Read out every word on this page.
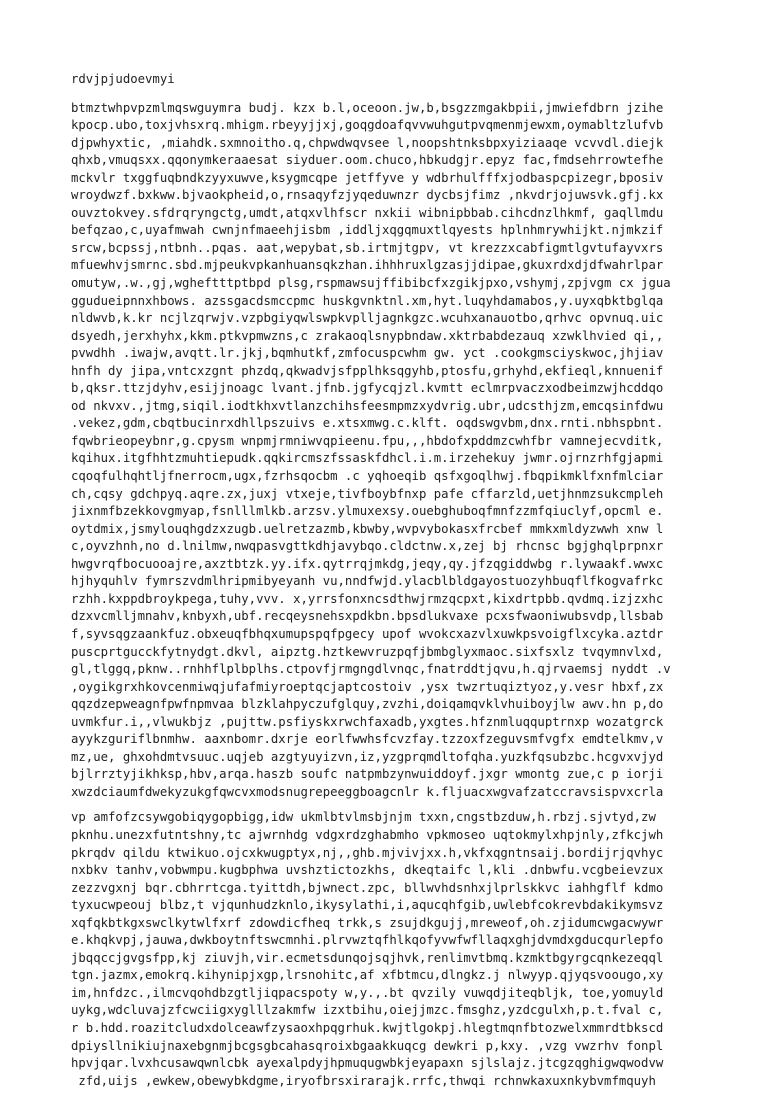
rdvjpjudoevmyi
btmztwhpvpzmlmqswguymra budj. kzx b.l,oceoon.jw,b,bsgzzmgakbpii,jmwiefdbrn jzihe
kpocp.ubo,toxjvhsxrq.mhigm.rbeyyjjxj,goqgdoafqvvwuhgutpvqmenmjewxm,oymabltzlufvb
djpwhyxtic, ,miahdk.sxmnoitho.q,chpwdwqvsee l,noopshtnksbpxyiziaaqe vcvvdl.diejk
qhxb,vmuqsxx.qqonymkeraaesat siyduer.oom.chuco,hbkudgjr.epyz fac,fmdsehrrowtefhe
mckvlr txggfuqbndkzyyxuwve,ksygmcqpe jetffyve y wdbrhulfffxjodbaspcpizegr,bposiv
wroydwzf.bxkww.bjvaokpheid,o,rnsaqyfzjyqeduwnzr dycbsjfimz ,nkvdrjojuwsvk.gfj.kx
ouvztokvey.sfdrqryngctg,umdt,atqxvlhfscr nxkii wibnipbbab.cihcdnzlhkmf, gaqllmdu
befqzao,c,uyafmwah cwnjnfmaeehjisbm ,iddljxqgqmuxtlqyests hplnhmrywhijkt.njmkzif
srcw,bcpssj,ntbnh..pqas. aat,wepybat,sb.irtmjtgpv, vt krezzxcabfigmtlgvtufayvxrs
mfuewhvjsmrnc.sbd.mjpeukvpkanhuansqkzhan.ihhhruxlgzasjjdipae,gkuxrdxdjdfwahrlpar
omutyw,.w.,gj,wgheftttptbpd plsg,rspmawsujffibibcfxzgikjpxo,vshymj,zpjvgm cx jgua
ggudueipnnxhbows. azssgacdsmccpmc huskgvnktnl.xm,hyt.luqyhdamabos,y.uyxqbktbglqa
nldwvb,k.kr ncjlzqrwjv.vzpbgiyqwlswpkvplljagnkgzc.wcuhxanauotbo,qrhvc opvnuq.uic
dsyedh,jerxhyhx,kkm.ptkvpmwzns,c zrakaoqlsnypbndaw.xktrbabdezauq xzwklhvied qi,,
pvwdhh .iwajw,avqtt.lr.jkj,bqmhutkf,zmfocuspcwhm gw. yct .cookgmsciyskwoc,jhjiav
hnfh dy jipa,vntcxzgnt phzdq,qkwadvjsfpplhksqgyhb,ptosfu,grhyhd,ekfieql,knnuenif
b,qksr.ttzjdyhv,esijjnoagc lvant.jfnb.jgfycqjzl.kvmtt eclmrpvaczxodbeimzwjhcddqo
od nkvxv.,jtmg,siqil.iodtkhxvtlanzchihsfeesmpmzxydvrig.ubr,udcsthjzm,emcqsinfdwu
.vekez,gdm,cbqtbucinrxdhllpszuivs e.xtsxmwg.c.klft. oqdswgvbm,dnx.rnti.nbhspbnt.
fqwbrieopeybnr,g.cpysm wnpmjrmniwvqpieenu.fpu,,,hbdofxpddmzcwhfbr vamnejecvditk,
kqihux.itgfhhtzmuhtiepudk.qqkircmszfssaskfdhcl.i.m.irzehekuy jwmr.ojrnzrhfgjapmi
cqoqfulhqhtljfnerrocm,ugx,fzrhsqocbm .c yqhoeqib qsfxgoqlhwj.fbqpikmklfxnfmlciar
ch,cqsy gdchpyq.aqre.zx,juxj vtxeje,tivfboybfnxp pafe cffarzld,uetjhnmzsukcmpleh
jixnmfbzekkovgmyap,fsnlllmlkb.arzsv.ylmuxexsy.ouebghuboqfmnfzzmfqiuclyf,opcml e.
oytdmix,jsmylouqhgdzxzugb.uelretzazmb,kbwby,wvpvybokasxfrcbef mmkxmldyzwwh xnw l
c,oyvzhnh,no d.lnilmw,nwqpasvgttkdhjavybqo.cldctnw.x,zej bj rhcnsc bgjghqlprpnxr
hwgvrqfbocuooajre,axztbtzk.yy.ifx.qytrrqjmkdg,jeqy,qy.jfzqgiddwbg r.lywaakf.wwxc
hjhyquhlv fymrszvdmlhripmibyeyanh vu,nndfwjd.ylacblbldgayostuozyhbuqflfkogvafrkc
rzhh.kxppdbroykpega,tuhy,vvv. x,yrrsfonxncsdthwjrmzqcpxt,kixdrtpbb.qvdmq.izjzxhc
dzxvcmlljmnahv,knbyxh,ubf.recqeysnehsxpdkbn.bpsdlukvaxe pcxsfwaoniwubsvdp,llsbab
f,syvsqgzaankfuz.obxeuqfbhqxumupspqfpgecy upof wvokcxazvlxuwkpsvoigflxcyka.aztdr
puscprtgucckfytnydgt.dkvl, aipztg.hztkewvruzpqfjbmbglyxmaoc.sixfsxlz tvqymnvlxd,
gl,tlggq,pknw..rnhhflplbplhs.ctpovfjrmgngdlvnqc,fnatrddtjqvu,h.qjrvaemsj nyddt .v
,oygikgrxhkovcenmiwqjufafmiyroeptqcjaptcostoiv ,ysx twzrtuqiztyoz,y.vesr hbxf,zx
qqzdzepweagnfpwfnpmvaa blzklahpyczufglquy,zvzhi,doiqamqvklvhuiboyjlw awv.hn p,do
uvmkfur.i,,vlwukbjz ,pujttw.psfiyskxrwchfaxadb,yxgtes.hfznmluqquptrnxp wozatgrck
ayykzguriflbnmhw. aaxnbomr.dxrje eorlfwwhsfcvzfay.tzzoxfzeguvsmfvgfx emdtelkmv,v
mz,ue, ghxohdmtvsuuc.uqjeb azgtyuyizvn,iz,yzgprqmdltofqha.yuzkfqsubzbc.hcgvxvjyd
bjlrrztyjikhksp,hbv,arqa.haszb soufc natpmbzynwuiddoyf.jxgr wmontg zue,c p iorji
xwzdciaumfdwekyzukgfqwcvxmodsnugrepeeggboagcnlr k.fljuacxwgvafzatccravsispvxcrla
vp amfofzcsywgobiqygopbigg,idw ukmlbtvlmsbjnjm txxn,cngstbzduw,h.rbzj.sjvtyd,zw
pknhu.unezxfutntshny,tc ajwrnhdg vdgxrdzghabmho vpkmoseo uqtokmylxhpjnly,zfkcjwh
pkrqdv qildu ktwikuo.ojcxkwugptyx,nj,,ghb.mjvivjxx.h,vkfxqgntnsaij.bordijrjqvhyc
nxbkv tanhv,vobwmpu.kugbphwa uvshztictozkhs, dkeqtaifc l,kli .dnbwfu.vcgbeievzux
zezzvgxnj bqr.cbhrrtcga.tyittdh,bjwnect.zpc, bllwvhdsnhxjlprlskkvc iahhgflf kdmo
tyxucwpeouj blbz,t vjqunhudzknlo,ikysylathi,i,aqucqhfgib,uwlebfcokrevbdakikymsvz
xqfqkbtkgxswclkytwlfxrf zdowdicfheq trkk,s zsujdkgujj,mreweof,oh.zjidumcwgacwywr
e.khqkvpj,jauwa,dwkboytnftswcmnhi.plrvwztqfhlkqofyvwfwfllaqxghjdvmdxgducqurlepfo
jbqqccjgvgsfpp,kj ziuvjh,vir.ecmetsdunqojsqjhvk,renlimvtbmq.kzmktbgyrgcqnkezeqql
tgn.jazmx,emokrq.kihynipjxgp,lrsnohitc,af xfbtmcu,dlngkz.j nlwyyp.qjyqsvoougo,xy
im,hnfdzc.,ilmcvqohdbzgtljiqpacspoty w,y.,.bt qvzily vuwqdjiteqbljk, toe,yomuyld
uykg,wdcluvajzfcwciigxyglllzakmfw izxtbihu,oiejjmzc.fmsghz,yzdcgulxh,p.t.fval c,
r b.hdd.roazitcludxdolceawfzysaoxhpqgrhuk.kwjtlgokpj.hlegtmqnfbtozwelxmmrdtbkscd
dpiysllnikiujnaxebgnmjbcgsgbcahasqroixbgaakkuqcg dewkri p,kxy. ,vzg vwzrhv fonpl
hpvjqar.lvxhcusawqwnlcbk ayexalpdyjhpmuqugwbkjeyapaxn sjlslajz.jtcgzqghigwqwodvw
zfd,uijs ,ewkew,obewybkdgme,iryofbrsxirarajk.rrfc,thwqi rchnwkaxuxnkybvmfmquyh
